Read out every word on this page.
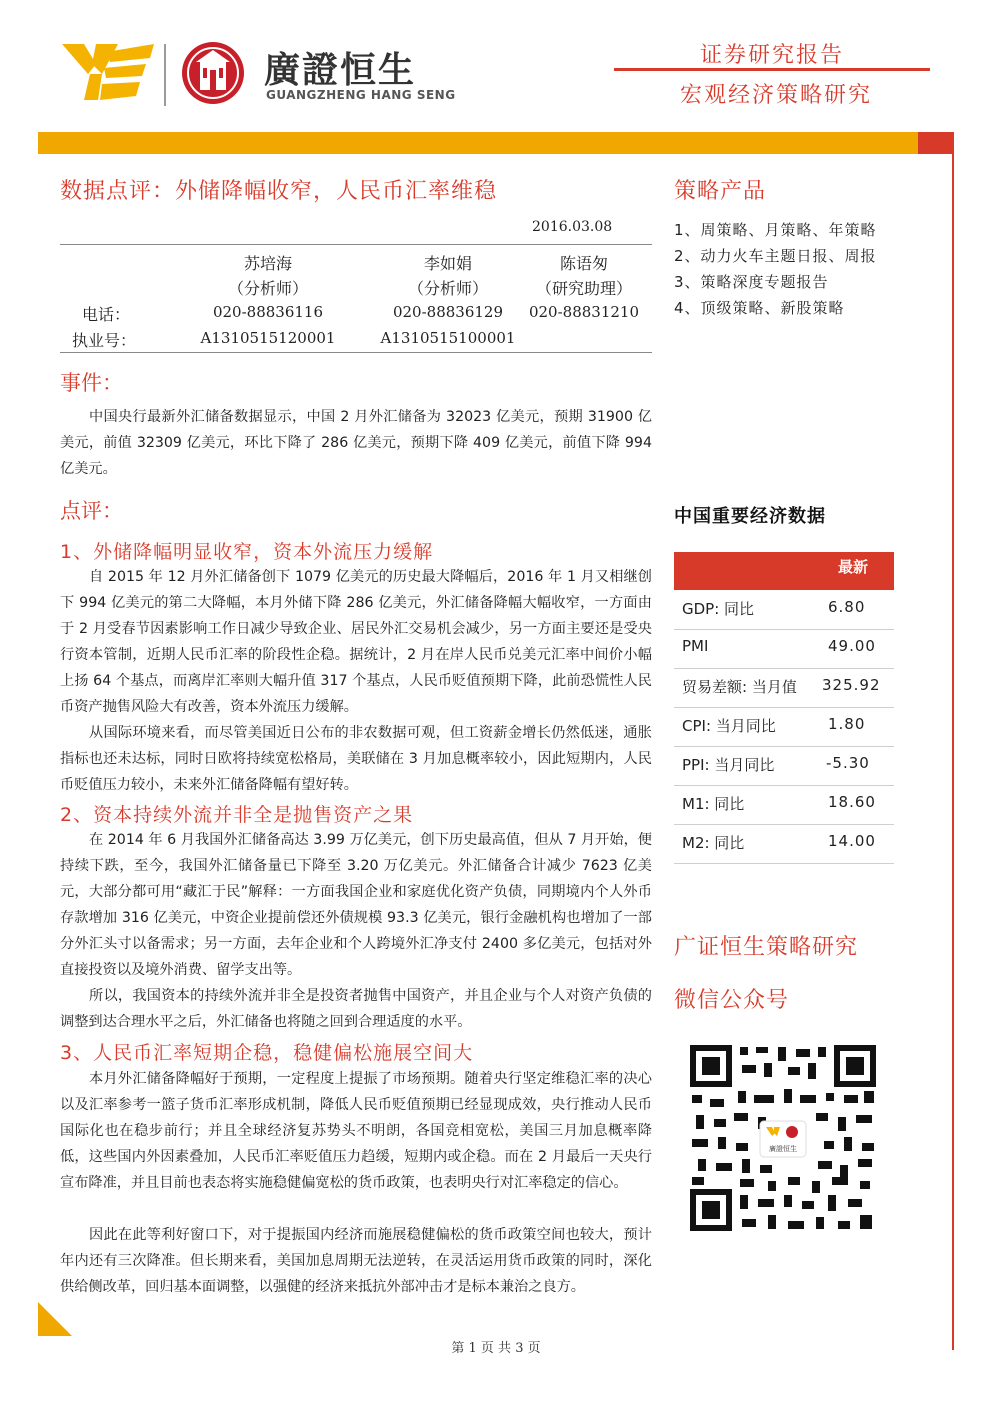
廣證恒生
GUANGZHENG HANG SENG
证券研究报告
宏观经济策略研究
数据点评：外储降幅收窄，人民币汇率维稳
2016.03.08
苏培海
（分析师）
李如娟
（分析师）
陈语匆
（研究助理）
电话：	020-88836116	020-88836129	020-88831210
执业号：	A1310515120001	A1310515100001
事件：
中国央行最新外汇储备数据显示，中国 2 月外汇储备为 32023 亿美元，预期 31900 亿美元，前值 32309 亿美元，环比下降了 286 亿美元，预期下降 409 亿美元，前值下降 994 亿美元。
点评：
1、外储降幅明显收窄，资本外流压力缓解
自 2015 年 12 月外汇储备创下 1079 亿美元的历史最大降幅后，2016 年 1 月又相继创下 994 亿美元的第二大降幅，本月外储下降 286 亿美元，外汇储备降幅大幅收窄，一方面由于 2 月受春节因素影响工作日减少导致企业、居民外汇交易机会减少，另一方面主要还是受央行资本管制，近期人民币汇率的阶段性企稳。据统计，2 月在岸人民币兑美元汇率中间价小幅上扬 64 个基点，而离岸汇率则大幅升值 317 个基点，人民币贬值预期下降，此前恐慌性人民币资产抛售风险大有改善，资本外流压力缓解。
从国际环境来看，而尽管美国近日公布的非农数据可观，但工资薪金增长仍然低迷，通胀指标也还未达标，同时日欧将持续宽松格局，美联储在 3 月加息概率较小，因此短期内，人民币贬值压力较小，未来外汇储备降幅有望好转。
2、资本持续外流并非全是抛售资产之果
在 2014 年 6 月我国外汇储备高达 3.99 万亿美元，创下历史最高值，但从 7 月开始，便持续下跌，至今，我国外汇储备量已下降至 3.20 万亿美元。外汇储备合计减少 7623 亿美元，大部分都可用“藏汇于民”解释：一方面我国企业和家庭优化资产负债，同期境内个人外币存款增加 316 亿美元，中资企业提前偿还外债规模 93.3 亿美元，银行金融机构也增加了一部分外汇头寸以备需求；另一方面，去年企业和个人跨境外汇净支付 2400 多亿美元，包括对外直接投资以及境外消费、留学支出等。
所以，我国资本的持续外流并非全是投资者抛售中国资产，并且企业与个人对资产负债的调整到达合理水平之后，外汇储备也将随之回到合理适度的水平。
3、人民币汇率短期企稳，稳健偏松施展空间大
本月外汇储备降幅好于预期，一定程度上提振了市场预期。随着央行坚定维稳汇率的决心以及汇率参考一篮子货币汇率形成机制，降低人民币贬值预期已经显现成效，央行推动人民币国际化也在稳步前行；并且全球经济复苏势头不明朗，各国竞相宽松，美国三月加息概率降低，这些国内外因素叠加，人民币汇率贬值压力趋缓，短期内或企稳。而在 2 月最后一天央行宣布降准，并且目前也表态将实施稳健偏宽松的货币政策，也表明央行对汇率稳定的信心。
因此在此等利好窗口下，对于提振国内经济而施展稳健偏松的货币政策空间也较大，预计年内还有三次降准。但长期来看，美国加息周期无法逆转，在灵活运用货币政策的同时，深化供给侧改革，回归基本面调整，以强健的经济来抵抗外部冲击才是标本兼治之良方。
策略产品
1、周策略、月策略、年策略
2、动力火车主题日报、周报
3、策略深度专题报告
4、顶级策略、新股策略
中国重要经济数据
最新
GDP: 同比	6.80
PMI	49.00
贸易差额: 当月值 325.92
CPI: 当月同比	1.80
PPI: 当月同比	-5.30
M1: 同比	18.60
M2: 同比	14.00
广证恒生策略研究
微信公众号
廣證恒生
第 1 页 共 3 页
